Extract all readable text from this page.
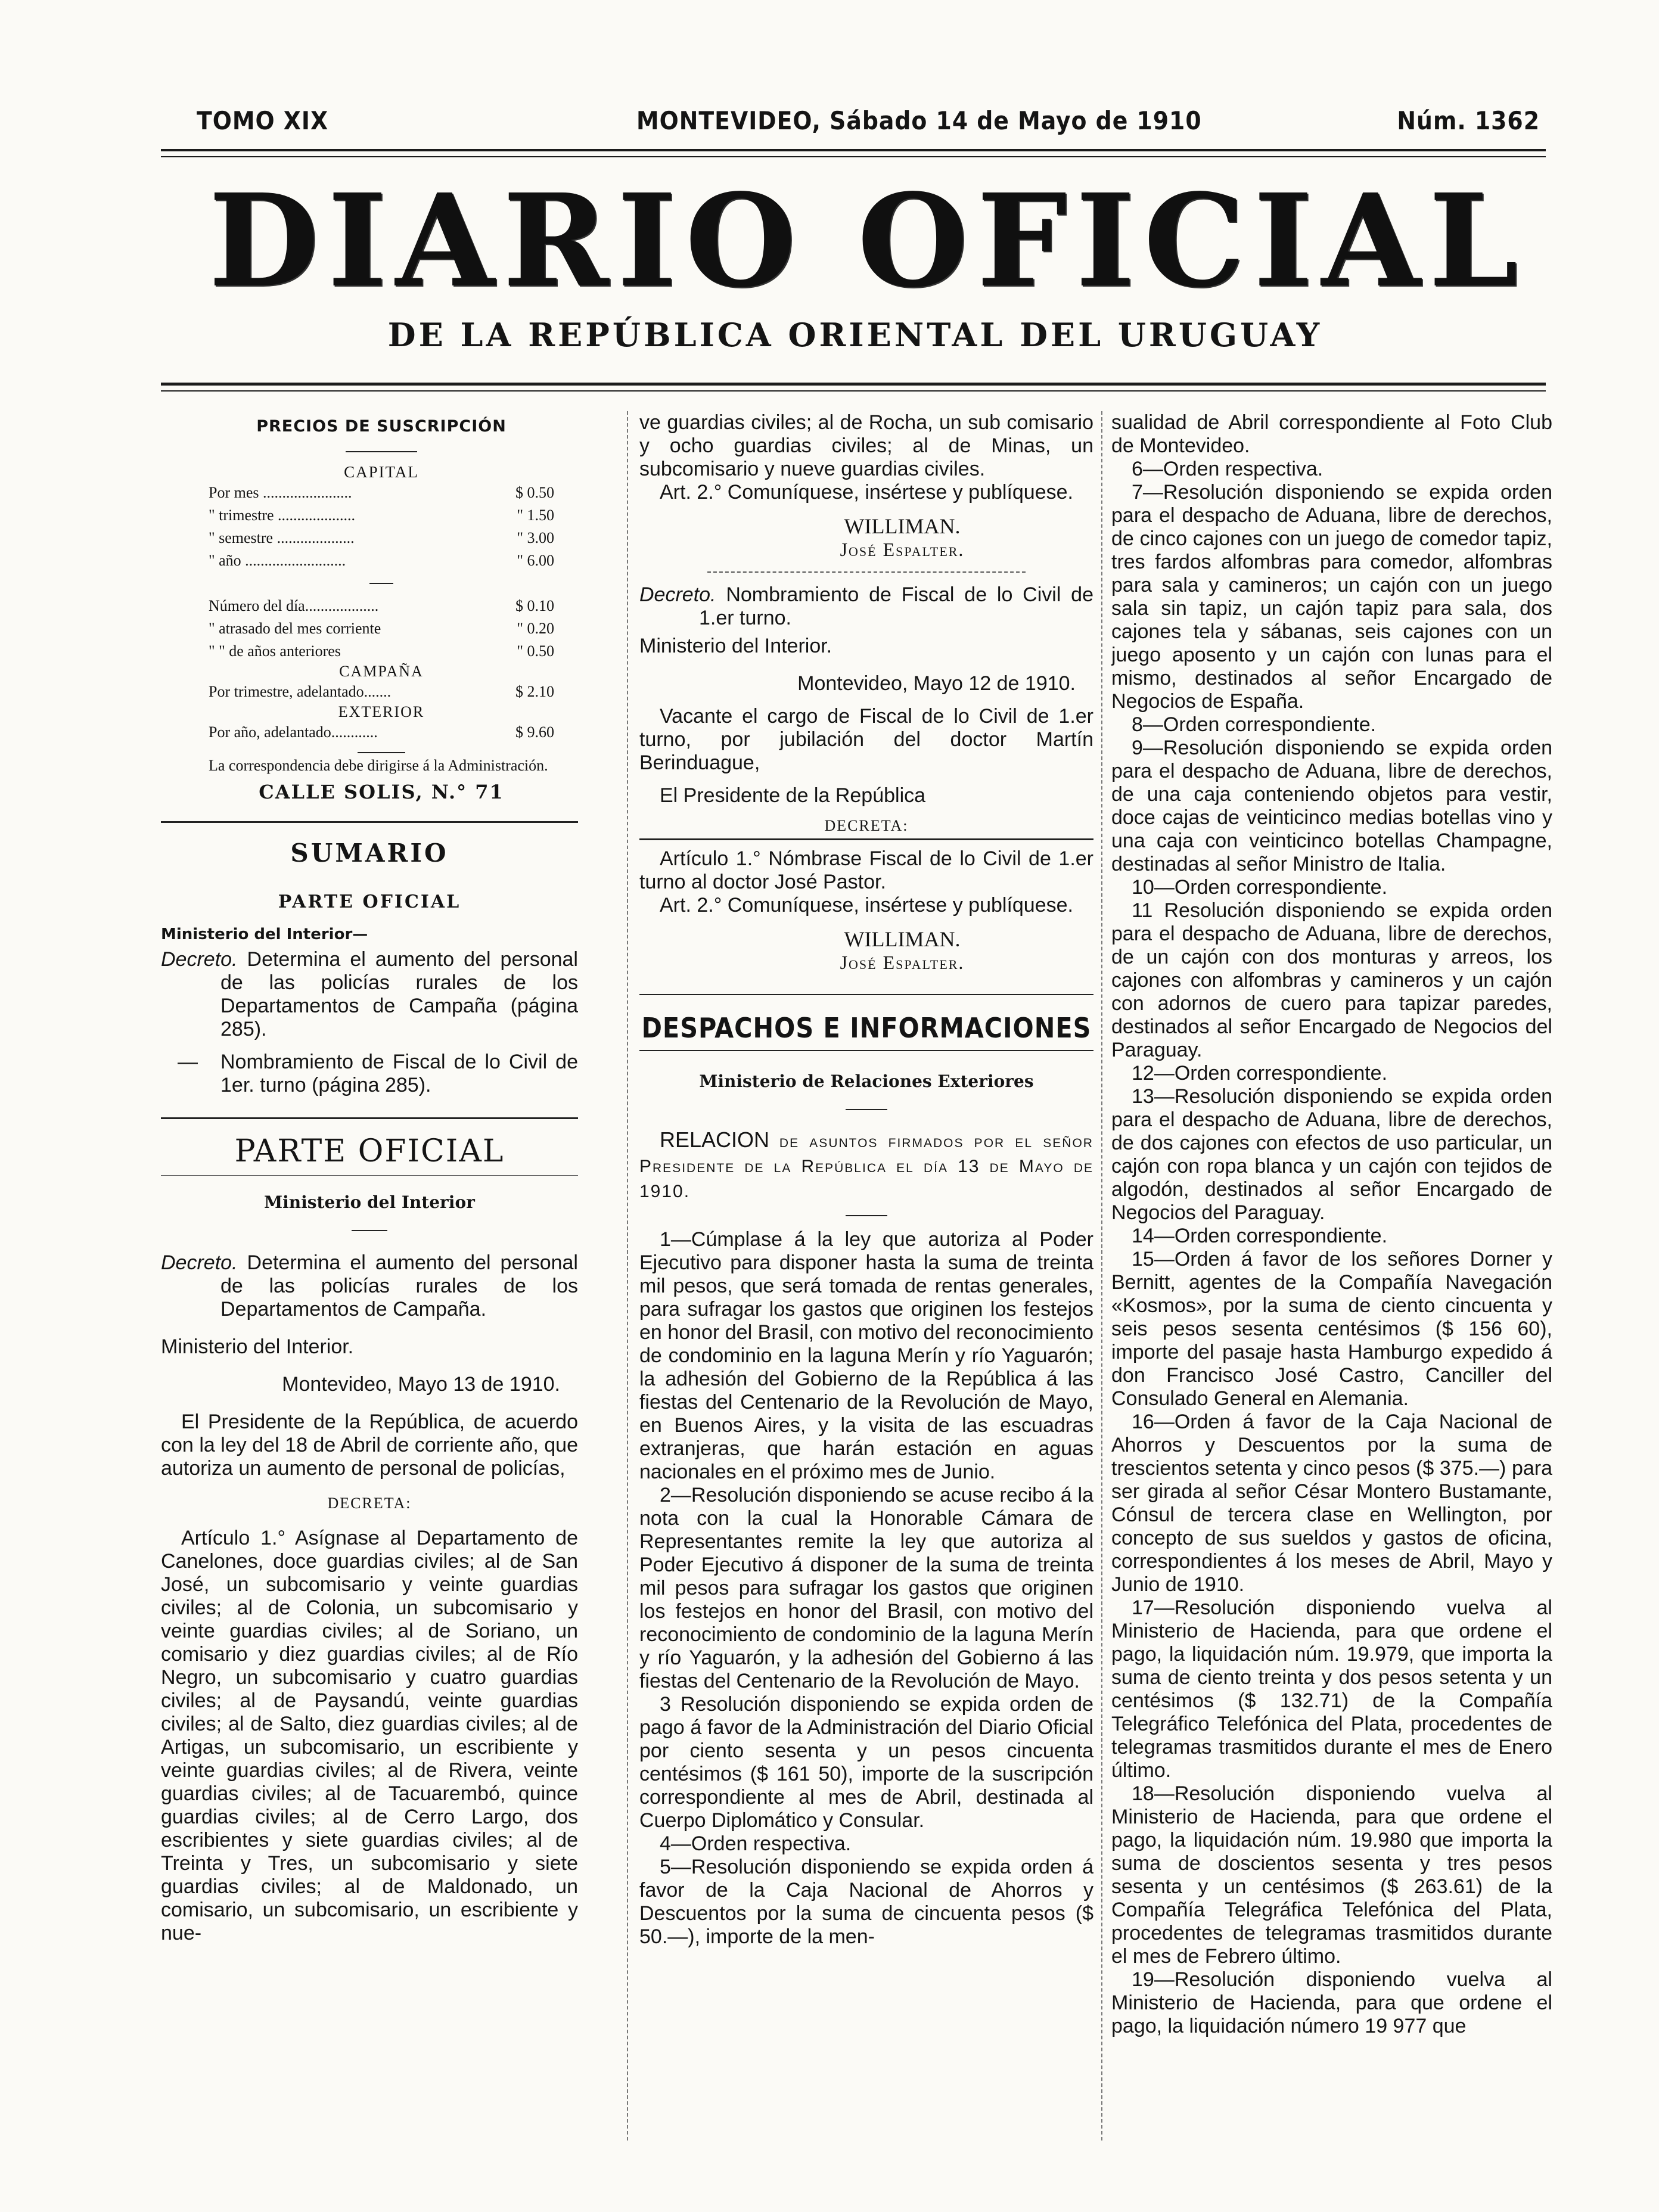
TOMO XIX	MONTEVIDEO, Sábado 14 de Mayo de 1910	Núm. 1362
DIARIO OFICIAL
DE LA REPÚBLICA ORIENTAL DEL URUGUAY

PRECIOS DE SUSCRIPCIÓN

CAPITAL

Por mes .......................	$ 0.50
" trimestre ....................	" 1.50
" semestre ....................	" 3.00
" año ..........................	" 6.00
Número del día...................	$ 0.10
" atrasado del mes corriente	" 0.20
" " de años anteriores	" 0.50

CAMPAÑA

Por trimestre, adelantado.......	$ 2.10

EXTERIOR

Por año, adelantado............	$ 9.60

La correspondencia debe dirigirse á la Administración.

CALLE SOLIS, N.° 71

SUMARIO

PARTE OFICIAL

Ministerio del Interior—

Decreto. Determina el aumento del personal de las policías rurales de los Departamentos de Campaña (página 285).

— Nombramiento de Fiscal de lo Civil de 1er. turno (página 285).

PARTE OFICIAL

Ministerio del Interior

Decreto. Determina el aumento del personal de las policías rurales de los Departamentos de Campaña.

Ministerio del Interior.

Montevideo, Mayo 13 de 1910.

El Presidente de la República, de acuerdo con la ley del 18 de Abril de corriente año, que autoriza un aumento de personal de policías,

DECRETA:

Artículo 1.° Asígnase al Departamento de Canelones, doce guardias civiles; al de San José, un subcomisario y veinte guardias civiles; al de Colonia, un subcomisario y veinte guardias civiles; al de Soriano, un comisario y diez guardias civiles; al de Río Negro, un subcomisario y cuatro guardias civiles; al de Paysandú, veinte guardias civiles; al de Salto, diez guardias civiles; al de Artigas, un subcomisario, un escribiente y veinte guardias civiles; al de Rivera, veinte guardias civiles; al de Tacuarembó, quince guardias civiles; al de Cerro Largo, dos escribientes y siete guardias civiles; al de Treinta y Tres, un subcomisario y siete guardias civiles; al de Maldonado, un comisario, un subcomisario, un escribiente y nue-

ve guardias civiles; al de Rocha, un sub comisario y ocho guardias civiles; al de Minas, un subcomisario y nueve guardias civiles.

Art. 2.° Comuníquese, insértese y publíquese.

WILLIMAN.

José Espalter.

Decreto. Nombramiento de Fiscal de lo Civil de 1.er turno.

Ministerio del Interior.

Montevideo, Mayo 12 de 1910.

Vacante el cargo de Fiscal de lo Civil de 1.er turno, por jubilación del doctor Martín Berinduague,

El Presidente de la República

DECRETA:

Artículo 1.° Nómbrase Fiscal de lo Civil de 1.er turno al doctor José Pastor.

Art. 2.° Comuníquese, insértese y publíquese.

WILLIMAN.

José Espalter.

DESPACHOS E INFORMACIONES

Ministerio de Relaciones Exteriores

RELACION de asuntos firmados por el señor Presidente de la República el día 13 de Mayo de 1910.

1—Cúmplase á la ley que autoriza al Poder Ejecutivo para disponer hasta la suma de treinta mil pesos, que será tomada de rentas generales, para sufragar los gastos que originen los festejos en honor del Brasil, con motivo del reconocimiento de condominio en la laguna Merín y río Yaguarón; la adhesión del Gobierno de la República á las fiestas del Centenario de la Revolución de Mayo, en Buenos Aires, y la visita de las escuadras extranjeras, que harán estación en aguas nacionales en el próximo mes de Junio.

2—Resolución disponiendo se acuse recibo á la nota con la cual la Honorable Cámara de Representantes remite la ley que autoriza al Poder Ejecutivo á disponer de la suma de treinta mil pesos para sufragar los gastos que originen los festejos en honor del Brasil, con motivo del reconocimiento de condominio de la laguna Merín y río Yaguarón, y la adhesión del Gobierno á las fiestas del Centenario de la Revolución de Mayo.

3 Resolución disponiendo se expida orden de pago á favor de la Administración del Diario Oficial por ciento sesenta y un pesos cincuenta centésimos ($ 161 50), importe de la suscripción correspondiente al mes de Abril, destinada al Cuerpo Diplomático y Consular.

4—Orden respectiva.

5—Resolución disponiendo se expida orden á favor de la Caja Nacional de Ahorros y Descuentos por la suma de cincuenta pesos ($ 50.—), importe de la men-

sualidad de Abril correspondiente al Foto Club de Montevideo.

6—Orden respectiva.

7—Resolución disponiendo se expida orden para el despacho de Aduana, libre de derechos, de cinco cajones con un juego de comedor tapiz, tres fardos alfombras para comedor, alfombras para sala y camineros; un cajón con un juego sala sin tapiz, un cajón tapiz para sala, dos cajones tela y sábanas, seis cajones con un juego aposento y un cajón con lunas para el mismo, destinados al señor Encargado de Negocios de España.

8—Orden correspondiente.

9—Resolución disponiendo se expida orden para el despacho de Aduana, libre de derechos, de una caja conteniendo objetos para vestir, doce cajas de veinticinco medias botellas vino y una caja con veinticinco botellas Champagne, destinadas al señor Ministro de Italia.

10—Orden correspondiente.

11 Resolución disponiendo se expida orden para el despacho de Aduana, libre de derechos, de un cajón con dos monturas y arreos, los cajones con alfombras y camineros y un cajón con adornos de cuero para tapizar paredes, destinados al señor Encargado de Negocios del Paraguay.

12—Orden correspondiente.

13—Resolución disponiendo se expida orden para el despacho de Aduana, libre de derechos, de dos cajones con efectos de uso particular, un cajón con ropa blanca y un cajón con tejidos de algodón, destinados al señor Encargado de Negocios del Paraguay.

14—Orden correspondiente.

15—Orden á favor de los señores Dorner y Bernitt, agentes de la Compañía Navegación «Kosmos», por la suma de ciento cincuenta y seis pesos sesenta centésimos ($ 156 60), importe del pasaje hasta Hamburgo expedido á don Francisco José Castro, Canciller del Consulado General en Alemania.

16—Orden á favor de la Caja Nacional de Ahorros y Descuentos por la suma de trescientos setenta y cinco pesos ($ 375.—) para ser girada al señor César Montero Bustamante, Cónsul de tercera clase en Wellington, por concepto de sus sueldos y gastos de oficina, correspondientes á los meses de Abril, Mayo y Junio de 1910.

17—Resolución disponiendo vuelva al Ministerio de Hacienda, para que ordene el pago, la liquidación núm. 19.979, que importa la suma de ciento treinta y dos pesos setenta y un centésimos ($ 132.71) de la Compañía Telegráfico Telefónica del Plata, procedentes de telegramas trasmitidos durante el mes de Enero último.

18—Resolución disponiendo vuelva al Ministerio de Hacienda, para que ordene el pago, la liquidación núm. 19.980 que importa la suma de doscientos sesenta y tres pesos sesenta y un centésimos ($ 263.61) de la Compañía Telegráfica Telefónica del Plata, procedentes de telegramas trasmitidos durante el mes de Febrero último.

19—Resolución disponiendo vuelva al Ministerio de Hacienda, para que ordene el pago, la liquidación número 19 977 que
